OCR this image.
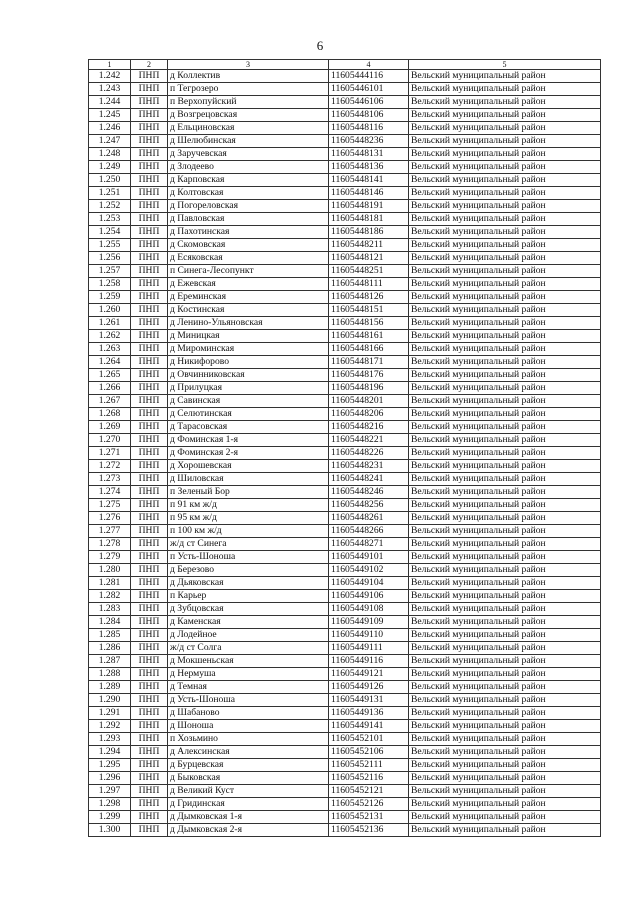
6
1	2	3	4	5
1.242	ПНП	д Коллектив	11605444116	Вельский муниципальный район
1.243	ПНП	п Тегрозеро	11605446101	Вельский муниципальный район
1.244	ПНП	п Верхопуйский	11605446106	Вельский муниципальный район
1.245	ПНП	д Возгрецовская	11605448106	Вельский муниципальный район
1.246	ПНП	д Ельциновская	11605448116	Вельский муниципальный район
1.247	ПНП	д Шелюбинская	11605448236	Вельский муниципальный район
1.248	ПНП	д Заручевская	11605448131	Вельский муниципальный район
1.249	ПНП	д Злодеево	11605448136	Вельский муниципальный район
1.250	ПНП	д Карповская	11605448141	Вельский муниципальный район
1.251	ПНП	д Колтовская	11605448146	Вельский муниципальный район
1.252	ПНП	д Погореловская	11605448191	Вельский муниципальный район
1.253	ПНП	д Павловская	11605448181	Вельский муниципальный район
1.254	ПНП	д Пахотинская	11605448186	Вельский муниципальный район
1.255	ПНП	д Скомовская	11605448211	Вельский муниципальный район
1.256	ПНП	д Есяковская	11605448121	Вельский муниципальный район
1.257	ПНП	п Синега-Лесопункт	11605448251	Вельский муниципальный район
1.258	ПНП	д Ежевская	11605448111	Вельский муниципальный район
1.259	ПНП	д Ереминская	11605448126	Вельский муниципальный район
1.260	ПНП	д Костинская	11605448151	Вельский муниципальный район
1.261	ПНП	д Ленино-Ульяновская	11605448156	Вельский муниципальный район
1.262	ПНП	д Миницкая	11605448161	Вельский муниципальный район
1.263	ПНП	д Мироминская	11605448166	Вельский муниципальный район
1.264	ПНП	д Никифорово	11605448171	Вельский муниципальный район
1.265	ПНП	д Овчинниковская	11605448176	Вельский муниципальный район
1.266	ПНП	д Прилуцкая	11605448196	Вельский муниципальный район
1.267	ПНП	д Савинская	11605448201	Вельский муниципальный район
1.268	ПНП	д Селютинская	11605448206	Вельский муниципальный район
1.269	ПНП	д Тарасовская	11605448216	Вельский муниципальный район
1.270	ПНП	д Фоминская 1-я	11605448221	Вельский муниципальный район
1.271	ПНП	д Фоминская 2-я	11605448226	Вельский муниципальный район
1.272	ПНП	д Хорошевская	11605448231	Вельский муниципальный район
1.273	ПНП	д Шиловская	11605448241	Вельский муниципальный район
1.274	ПНП	п Зеленый Бор	11605448246	Вельский муниципальный район
1.275	ПНП	п 91 км ж/д	11605448256	Вельский муниципальный район
1.276	ПНП	п 95 км ж/д	11605448261	Вельский муниципальный район
1.277	ПНП	п 100 км ж/д	11605448266	Вельский муниципальный район
1.278	ПНП	ж/д ст Синега	11605448271	Вельский муниципальный район
1.279	ПНП	п Усть-Шоноша	11605449101	Вельский муниципальный район
1.280	ПНП	д Березово	11605449102	Вельский муниципальный район
1.281	ПНП	д Дьяковская	11605449104	Вельский муниципальный район
1.282	ПНП	п Карьер	11605449106	Вельский муниципальный район
1.283	ПНП	д Зубцовская	11605449108	Вельский муниципальный район
1.284	ПНП	д Каменская	11605449109	Вельский муниципальный район
1.285	ПНП	д Лодейное	11605449110	Вельский муниципальный район
1.286	ПНП	ж/д ст Солга	11605449111	Вельский муниципальный район
1.287	ПНП	д Мокшеньская	11605449116	Вельский муниципальный район
1.288	ПНП	д Нермуша	11605449121	Вельский муниципальный район
1.289	ПНП	д Темная	11605449126	Вельский муниципальный район
1.290	ПНП	д Усть-Шоноша	11605449131	Вельский муниципальный район
1.291	ПНП	д Шабаново	11605449136	Вельский муниципальный район
1.292	ПНП	д Шоноша	11605449141	Вельский муниципальный район
1.293	ПНП	п Хозьмино	11605452101	Вельский муниципальный район
1.294	ПНП	д Алексинская	11605452106	Вельский муниципальный район
1.295	ПНП	д Бурцевская	11605452111	Вельский муниципальный район
1.296	ПНП	д Быковская	11605452116	Вельский муниципальный район
1.297	ПНП	д Великий Куст	11605452121	Вельский муниципальный район
1.298	ПНП	д Гридинская	11605452126	Вельский муниципальный район
1.299	ПНП	д Дымковская 1-я	11605452131	Вельский муниципальный район
1.300	ПНП	д Дымковская 2-я	11605452136	Вельский муниципальный район
